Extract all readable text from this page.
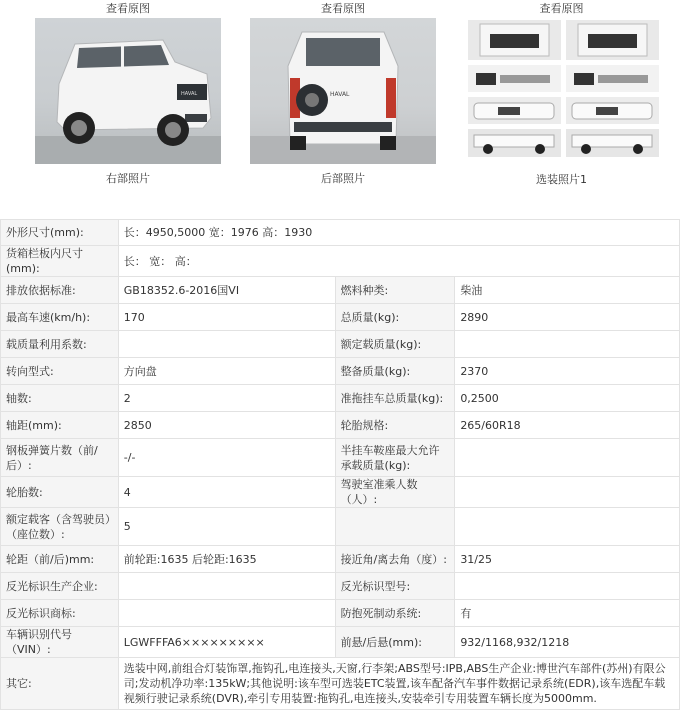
查看原图
HAVAL
右部照片
查看原图
HAVAL
后部照片
查看原图
选装照片1
外形尺寸(mm):	长：4950,5000 宽：1976 高：1930		
货箱栏板内尺寸(mm):	长： 宽： 高：		
排放依据标准:	GB18352.6-2016国VI	燃料种类:	柴油
最高车速(km/h):	170	总质量(kg):	2890
载质量利用系数:		额定载质量(kg):	
转向型式:	方向盘	整备质量(kg):	2370
轴数:	2	准拖挂车总质量(kg):	0,2500
轴距(mm):	2850	轮胎规格:	265/60R18
钢板弹簧片数（前/后）:	-/-	半挂车鞍座最大允许承载质量(kg):	
轮胎数:	4	驾驶室准乘人数（人）:	
额定载客（含驾驶员）（座位数）:	5		
轮距（前/后)mm:	前轮距:1635 后轮距:1635	接近角/离去角（度）:	31/25
反光标识生产企业:		反光标识型号:	
反光标识商标:		防抱死制动系统:	有
车辆识别代号（VIN）:	LGWFFFA6×××××××××	前悬/后悬(mm):	932/1168,932/1218
其它:	选装中网,前组合灯装饰罩,拖钩孔,电连接头,天窗,行李架;ABS型号:IPB,ABS生产企业:博世汽车部件(苏州)有限公司;发动机净功率:135kW;其他说明:该车型可选装ETC装置,该车配备汽车事件数据记录系统(EDR),该车选配车载视频行驶记录系统(DVR),牵引专用装置:拖钩孔,电连接头,安装牵引专用装置车辆长度为5000mm.		
